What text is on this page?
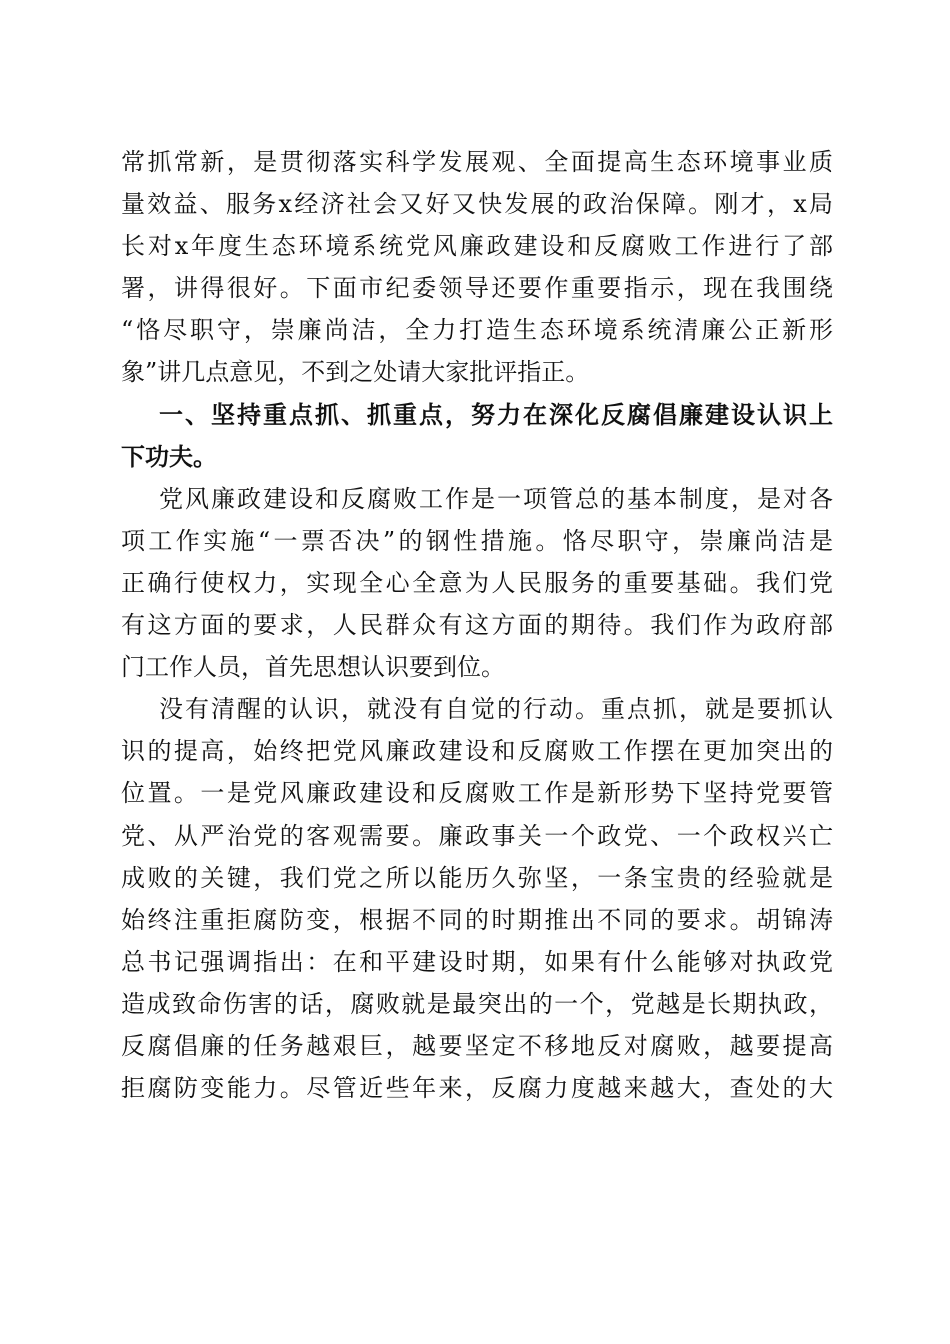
常抓常新，是贯彻落实科学发展观、全面提高生态环境事业质
量效益、服务x经济社会又好又快发展的政治保障。刚才，x局
长对x年度生态环境系统党风廉政建设和反腐败工作进行了部
署，讲得很好。下面市纪委领导还要作重要指示，现在我围绕
“恪尽职守，崇廉尚洁，全力打造生态环境系统清廉公正新形
象”讲几点意见，不到之处请大家批评指正。
一、坚持重点抓、抓重点，努力在深化反腐倡廉建设认识上
下功夫。
党风廉政建设和反腐败工作是一项管总的基本制度，是对各
项工作实施“一票否决”的钢性措施。恪尽职守，崇廉尚洁是
正确行使权力，实现全心全意为人民服务的重要基础。我们党
有这方面的要求，人民群众有这方面的期待。我们作为政府部
门工作人员，首先思想认识要到位。
没有清醒的认识，就没有自觉的行动。重点抓，就是要抓认
识的提高，始终把党风廉政建设和反腐败工作摆在更加突出的
位置。一是党风廉政建设和反腐败工作是新形势下坚持党要管
党、从严治党的客观需要。廉政事关一个政党、一个政权兴亡
成败的关键，我们党之所以能历久弥坚，一条宝贵的经验就是
始终注重拒腐防变，根据不同的时期推出不同的要求。胡锦涛
总书记强调指出：在和平建设时期，如果有什么能够对执政党
造成致命伤害的话，腐败就是最突出的一个，党越是长期执政，
反腐倡廉的任务越艰巨，越要坚定不移地反对腐败，越要提高
拒腐防变能力。尽管近些年来，反腐力度越来越大，查处的大
